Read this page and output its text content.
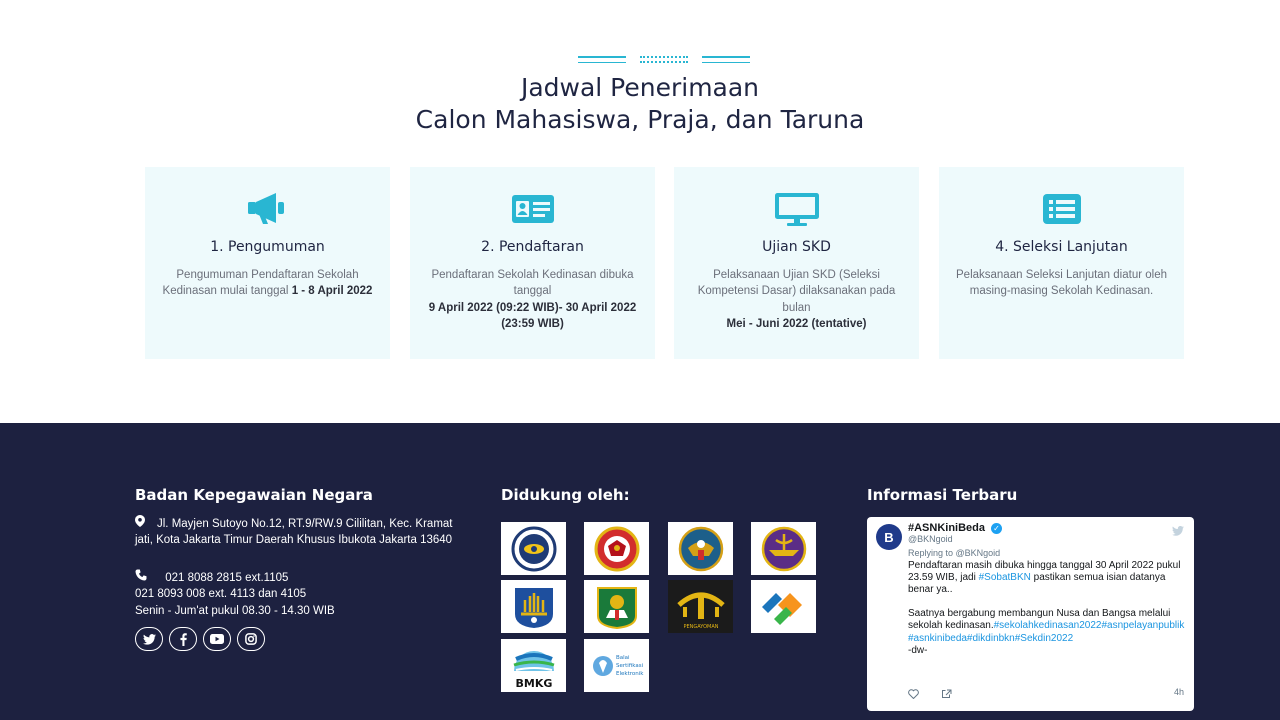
Jadwal Penerimaan
Calon Mahasiswa, Praja, dan Taruna
1. Pengumuman
Pengumuman Pendaftaran Sekolah Kedinasan mulai tanggal 1 - 8 April 2022
2. Pendaftaran
Pendaftaran Sekolah Kedinasan dibuka tanggal
9 April 2022 (09:22 WIB)- 30 April 2022 (23:59 WIB)
Ujian SKD
Pelaksanaan Ujian SKD (Seleksi Kompetensi Dasar) dilaksanakan pada bulan
Mei - Juni 2022 (tentative)
4. Seleksi Lanjutan
Pelaksanaan Seleksi Lanjutan diatur oleh masing-masing Sekolah Kedinasan.
Badan Kepegawaian Negara
Jl. Mayjen Sutoyo No.12, RT.9/RW.9 Cililitan, Kec. Kramat jati, Kota Jakarta Timur Daerah Khusus Ibukota Jakarta 13640
021 8088 2815 ext.1105
021 8093 008 ext. 4113 dan 4105
Senin - Jum'at pukul 08.30 - 14.30 WIB
Didukung oleh:
PENGAYOMAN
BMKG
Balai
Sertifikasi
Elektronik
Informasi Terbaru
B
#ASNKiniBeda ✓
@BKNgoid
Replying to @BKNgoid
Pendaftaran masih dibuka hingga tanggal 30 April 2022 pukul 23.59 WIB, jadi #SobatBKN pastikan semua isian datanya benar ya..

Saatnya bergabung membangun Nusa dan Bangsa melalui sekolah kedinasan.#sekolahkedinasan2022#asnpelayanpublik #asnkinibeda#dikdinbkn#Sekdin2022
-dw-
4h
